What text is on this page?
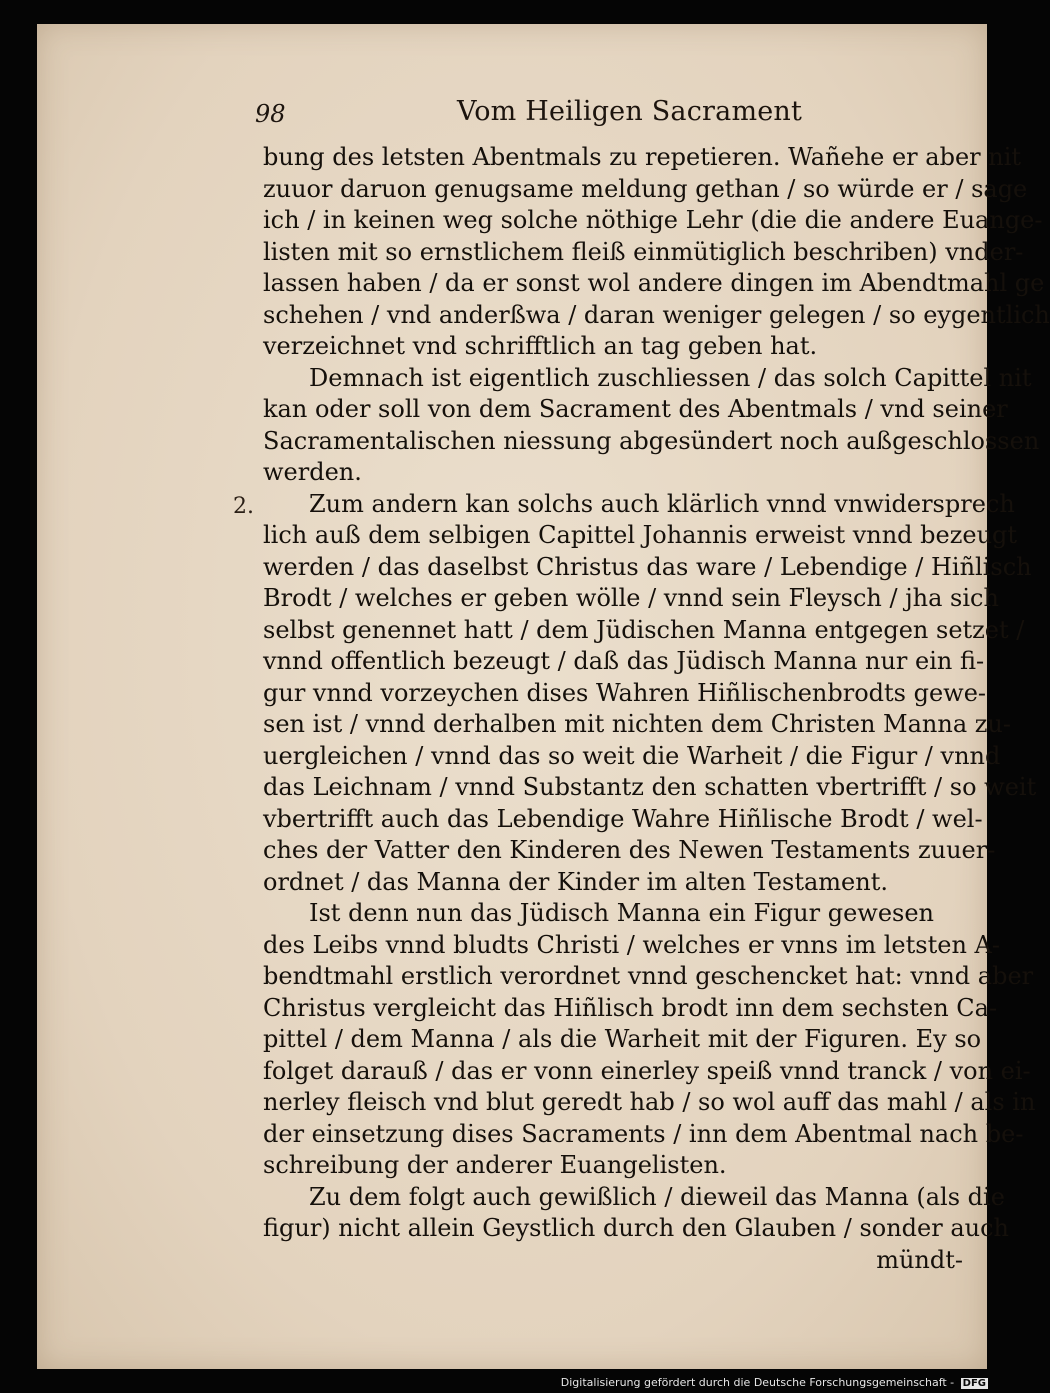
98	Vom Heiligen Sacrament
2.
bung des letsten Abentmals zu repetieren. Wañehe er aber nit
zuuor daruon genugsame meldung gethan / so würde er / sage
ich / in keinen weg solche nöthige Lehr (die die andere Euange-
listen mit so ernstlichem fleiß einmütiglich beschriben) vnder-
lassen haben / da er sonst wol andere dingen im Abendtmahl ge
schehen / vnd anderßwa / daran weniger gelegen / so eygentlich
verzeichnet vnd schrifftlich an tag geben hat.
Demnach ist eigentlich zuschliessen / das solch Capittel nit
kan oder soll von dem Sacrament des Abentmals / vnd seiner
Sacramentalischen niessung abgesündert noch außgeschlossen
werden.
Zum andern kan solchs auch klärlich vnnd vnwidersprech
lich auß dem selbigen Capittel Johannis erweist vnnd bezeugt
werden / das daselbst Christus das ware / Lebendige / Hiñlisch
Brodt / welches er geben wölle / vnnd sein Fleysch / jha sich
selbst genennet hatt / dem Jüdischen Manna entgegen setzet /
vnnd offentlich bezeugt / daß das Jüdisch Manna nur ein fi-
gur vnnd vorzeychen dises Wahren Hiñlischenbrodts gewe-
sen ist / vnnd derhalben mit nichten dem Christen Manna zu-
uergleichen / vnnd das so weit die Warheit / die Figur / vnnd
das Leichnam / vnnd Substantz den schatten vbertrifft / so weit
vbertrifft auch das Lebendige Wahre Hiñlische Brodt / wel-
ches der Vatter den Kinderen des Newen Testaments zuuer-
ordnet / das Manna der Kinder im alten Testament.
Ist denn nun das Jüdisch Manna ein Figur gewesen
des Leibs vnnd bludts Christi / welches er vnns im letsten A-
bendtmahl erstlich verordnet vnnd geschencket hat: vnnd aber
Christus vergleicht das Hiñlisch brodt inn dem sechsten Ca-
pittel / dem Manna / als die Warheit mit der Figuren. Ey so
folget darauß / das er vonn einerley speiß vnnd tranck / von ei-
nerley fleisch vnd blut geredt hab / so wol auff das mahl / als in
der einsetzung dises Sacraments / inn dem Abentmal nach be-
schreibung der anderer Euangelisten.
Zu dem folgt auch gewißlich / dieweil das Manna (als die
figur) nicht allein Geystlich durch den Glauben / sonder auch
mündt-
Digitalisierung gefördert durch die Deutsche Forschungsgemeinschaft - DFG
